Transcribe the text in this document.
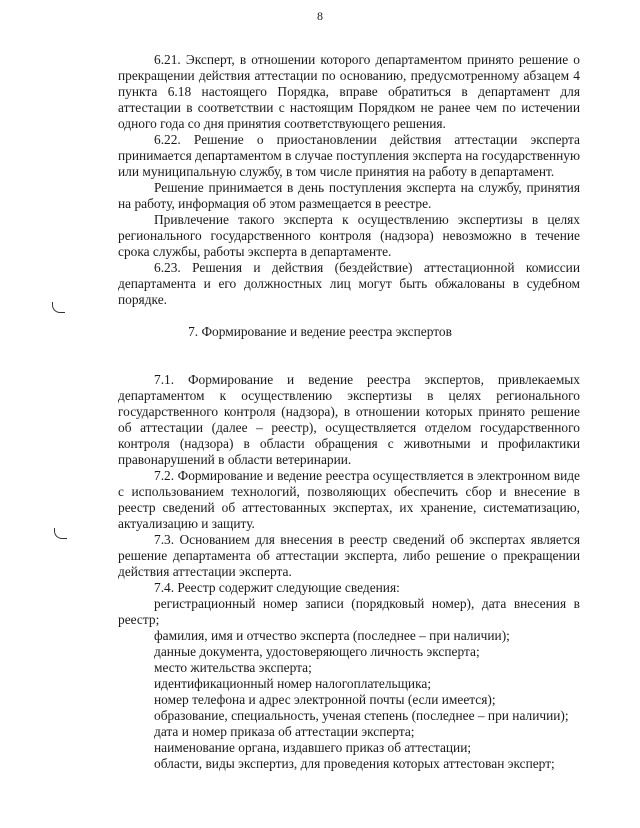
8

6.21. Эксперт, в отношении которого департаментом принято решение о прекращении действия аттестации по основанию, предусмотренному абзацем 4 пункта 6.18 настоящего Порядка, вправе обратиться в департамент для аттестации в соответствии с настоящим Порядком не ранее чем по истечении одного года со дня принятия соответствующего решения.

6.22. Решение о приостановлении действия аттестации эксперта принимается департаментом в случае поступления эксперта на государственную или муниципальную службу, в том числе принятия на работу в департамент.

Решение принимается в день поступления эксперта на службу, принятия на работу, информация об этом размещается в реестре.

Привлечение такого эксперта к осуществлению экспертизы в целях регионального государственного контроля (надзора) невозможно в течение срока службы, работы эксперта в департаменте.

6.23. Решения и действия (бездействие) аттестационной комиссии департамента и его должностных лиц могут быть обжалованы в судебном порядке.

7. Формирование и ведение реестра экспертов

7.1. Формирование и ведение реестра экспертов, привлекаемых департаментом к осуществлению экспертизы в целях регионального государственного контроля (надзора), в отношении которых принято решение об аттестации (далее – реестр), осуществляется отделом государственного контроля (надзора) в области обращения с животными и профилактики правонарушений в области ветеринарии.

7.2. Формирование и ведение реестра осуществляется в электронном виде с использованием технологий, позволяющих обеспечить сбор и внесение в реестр сведений об аттестованных экспертах, их хранение, систематизацию, актуализацию и защиту.

7.3. Основанием для внесения в реестр сведений об экспертах является решение департамента об аттестации эксперта, либо решение о прекращении действия аттестации эксперта.

7.4. Реестр содержит следующие сведения:

регистрационный номер записи (порядковый номер), дата внесения в реестр;

фамилия, имя и отчество эксперта (последнее – при наличии);

данные документа, удостоверяющего личность эксперта;

место жительства эксперта;

идентификационный номер налогоплательщика;

номер телефона и адрес электронной почты (если имеется);

образование, специальность, ученая степень (последнее – при наличии);

дата и номер приказа об аттестации эксперта;

наименование органа, издавшего приказ об аттестации;

области, виды экспертиз, для проведения которых аттестован эксперт;
